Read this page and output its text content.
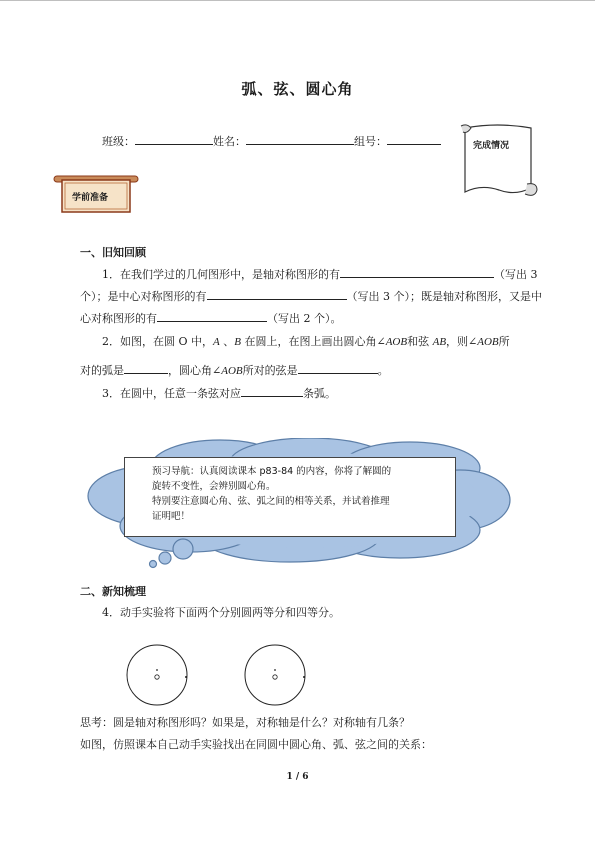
弧、弦、圆心角
班级：	姓名：	组号：	完成情况
学前准备
一、旧知回顾
1．在我们学过的几何图形中，是轴对称图形的有	（写出 3
个）；是中心对称图形的有	（写出 3 个）；既是轴对称图形，又是中
心对称图形的有	（写出 2 个）。
2．如图，在圆 O 中，A 、B 在圆上，在图上画出圆心角∠AOB和弦 AB，则∠AOB所
对的弧是	，圆心角∠AOB所对的弦是	。
3．在圆中，任意一条弦对应	条弧。
预习导航：认真阅读课本 p83-84 的内容，你将了解圆的
旋转不变性，会辨别圆心角。
特别要注意圆心角、弦、弧之间的相等关系，并试着推理
证明吧！
二、新知梳理
4．动手实验将下面两个分别圆两等分和四等分。
思考：圆是轴对称图形吗？如果是，对称轴是什么？对称轴有几条？
如图，仿照课本自己动手实验找出在同圆中圆心角、弧、弦之间的关系：
1 / 6
